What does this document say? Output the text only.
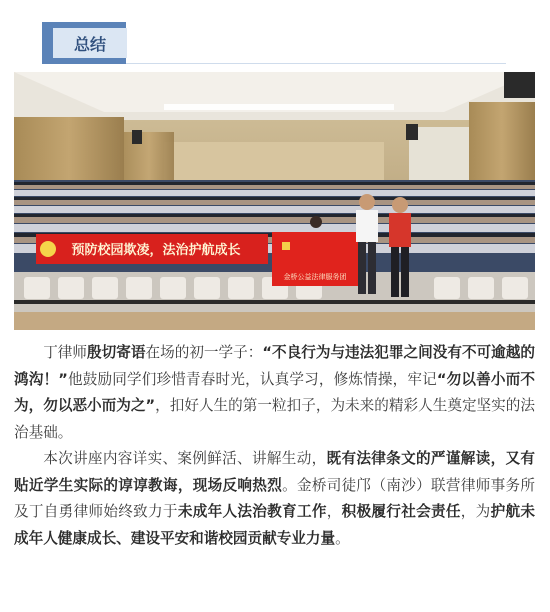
总结
预防校园欺凌，法治护航成长
金桥公益法律服务团

丁律师殷切寄语在场的初一学子：“不良行为与违法犯罪之间没有不可逾越的鸿沟！”他鼓励同学们珍惜青春时光，认真学习，修炼情操，牢记“勿以善小而不为，勿以恶小而为之”，扣好人生的第一粒扣子，为未来的精彩人生奠定坚实的法治基础。

本次讲座内容详实、案例鲜活、讲解生动，既有法律条文的严谨解读，又有贴近学生实际的谆谆教诲，现场反响热烈。金桥司徒邝（南沙）联营律师事务所及丁自勇律师始终致力于未成年人法治教育工作，积极履行社会责任，为护航未成年人健康成长、建设平安和谐校园贡献专业力量。
